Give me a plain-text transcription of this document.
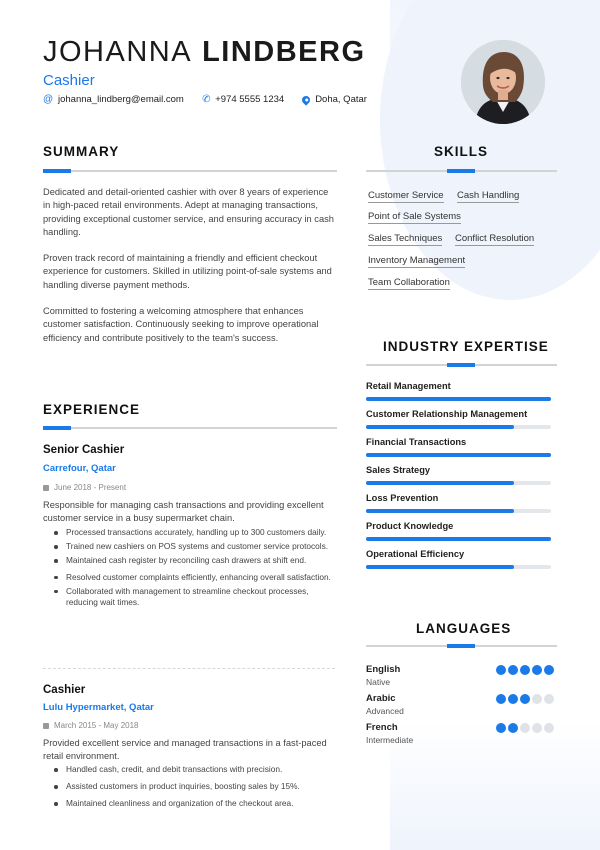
JOHANNA LINDBERG
Cashier
@ johanna_lindberg@email.com ✆ +974 5555 1234	Doha, Qatar
SUMMARY
Dedicated and detail-oriented cashier with over 8 years of experience in high-paced retail environments. Adept at managing transactions, providing exceptional customer service, and ensuring accuracy in cash handling.
Proven track record of maintaining a friendly and efficient checkout experience for customers. Skilled in utilizing point-of-sale systems and handling diverse payment methods.
Committed to fostering a welcoming atmosphere that enhances customer satisfaction. Continuously seeking to improve operational efficiency and contribute positively to the team's success.
EXPERIENCE
Senior Cashier
Carrefour, Qatar
June 2018 - Present
Responsible for managing cash transactions and providing excellent customer service in a busy supermarket chain.
Processed transactions accurately, handling up to 300 customers daily.
Trained new cashiers on POS systems and customer service protocols.
Maintained cash register by reconciling cash drawers at shift end.
Resolved customer complaints efficiently, enhancing overall satisfaction.
Collaborated with management to streamline checkout processes, reducing wait times.
Cashier
Lulu Hypermarket, Qatar
March 2015 - May 2018
Provided excellent service and managed transactions in a fast-paced retail environment.
Handled cash, credit, and debit transactions with precision.
Assisted customers in product inquiries, boosting sales by 15%.
Maintained cleanliness and organization of the checkout area.
SKILLS
Customer Service Cash Handling
Point of Sale Systems
Sales Techniques Conflict Resolution
Inventory Management
Team Collaboration
INDUSTRY EXPERTISE
Retail Management
Customer Relationship Management
Financial Transactions
Sales Strategy
Loss Prevention
Product Knowledge
Operational Efficiency
LANGUAGES
English
Native
Arabic
Advanced
French
Intermediate
